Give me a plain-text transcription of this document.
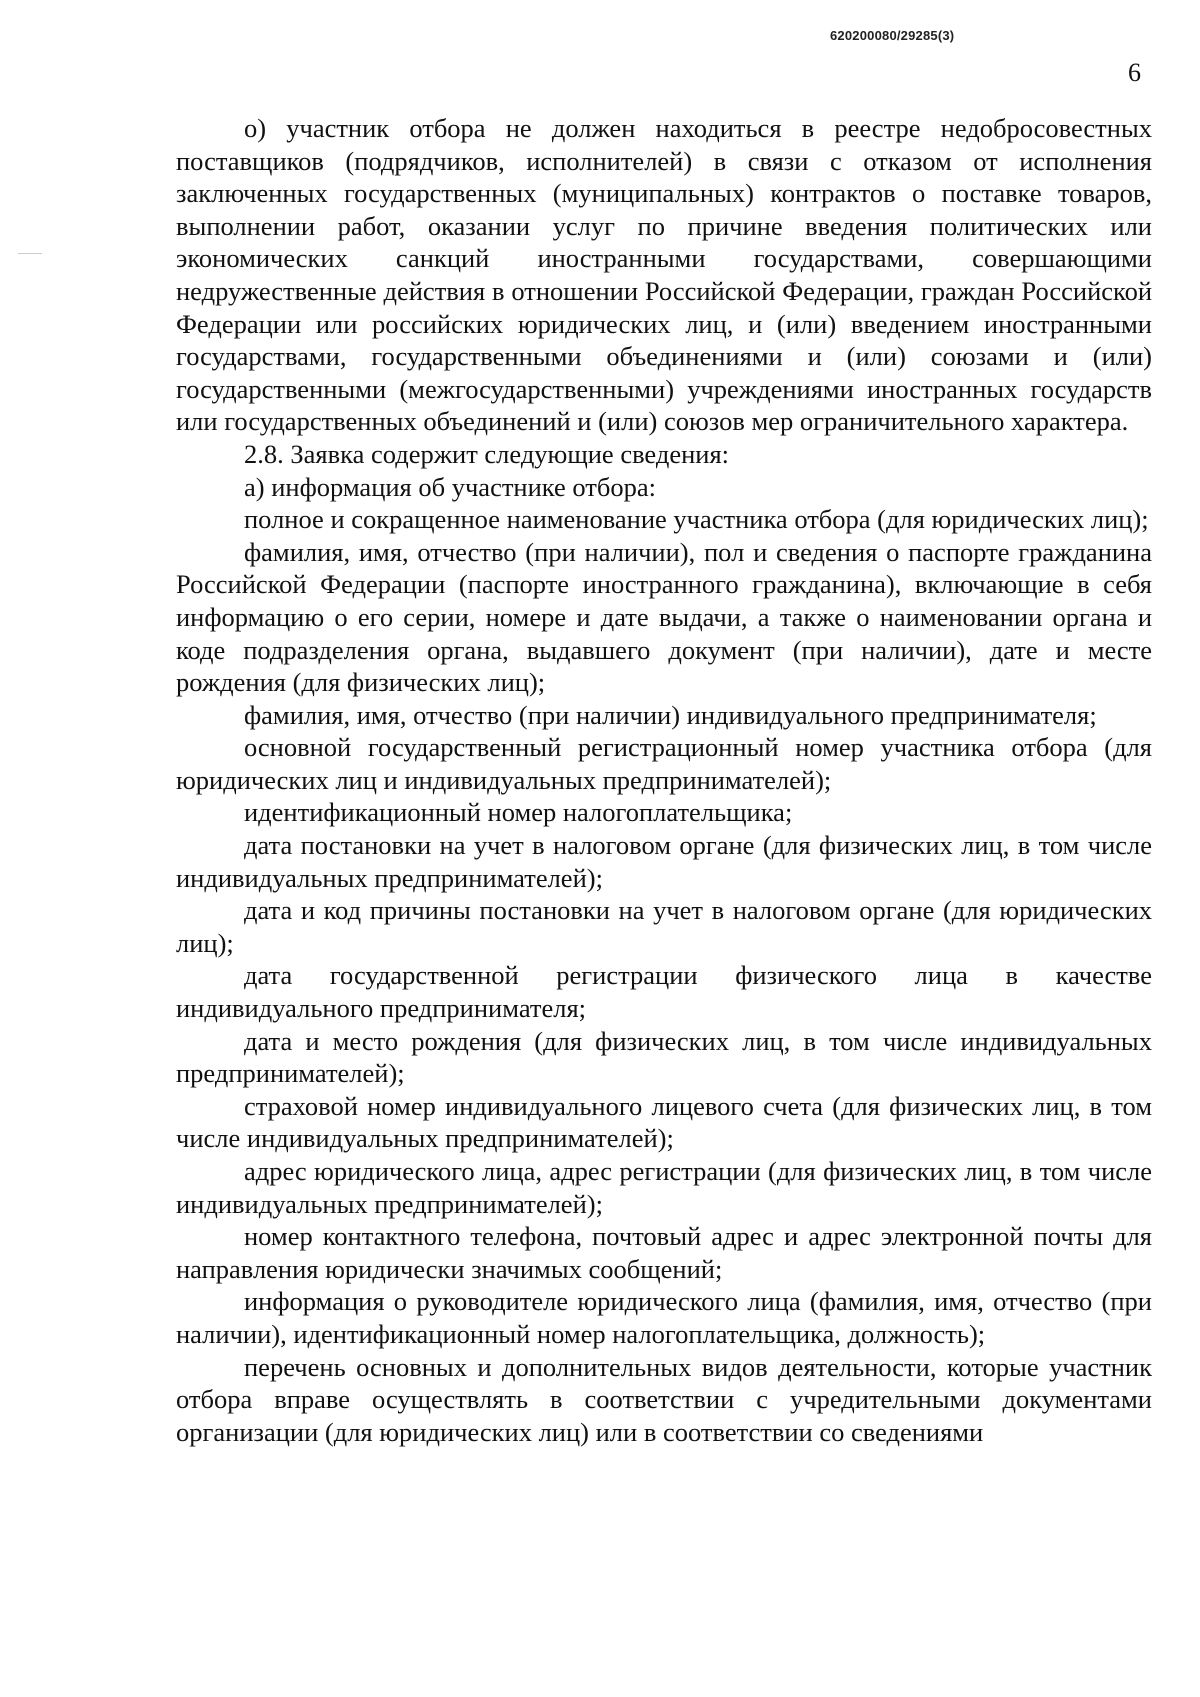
620200080/29285(3)
6

о) участник отбора не должен находиться в реестре недобросовестных поставщиков (подрядчиков, исполнителей) в связи с отказом от исполнения заключенных государственных (муниципальных) контрактов о поставке товаров, выполнении работ, оказании услуг по причине введения политических или экономических санкций иностранными государствами, совершающими недружественные действия в отношении Российской Федерации, граждан Российской Федерации или российских юридических лиц, и (или) введением иностранными государствами, государственными объединениями и (или) союзами и (или) государственными (межгосударственными) учреждениями иностранных государств или государственных объединений и (или) союзов мер ограничительного характера.

2.8. Заявка содержит следующие сведения:

а) информация об участнике отбора:

полное и сокращенное наименование участника отбора (для юридических лиц);

фамилия, имя, отчество (при наличии), пол и сведения о паспорте гражданина Российской Федерации (паспорте иностранного гражданина), включающие в себя информацию о его серии, номере и дате выдачи, а также о наименовании органа и коде подразделения органа, выдавшего документ (при наличии), дате и месте рождения (для физических лиц);

фамилия, имя, отчество (при наличии) индивидуального предпринимателя;

основной государственный регистрационный номер участника отбора (для юридических лиц и индивидуальных предпринимателей);

идентификационный номер налогоплательщика;

дата постановки на учет в налоговом органе (для физических лиц, в том числе индивидуальных предпринимателей);

дата и код причины постановки на учет в налоговом органе (для юридических лиц);

дата государственной регистрации физического лица в качестве индивидуального предпринимателя;

дата и место рождения (для физических лиц, в том числе индивидуальных предпринимателей);

страховой номер индивидуального лицевого счета (для физических лиц, в том числе индивидуальных предпринимателей);

адрес юридического лица, адрес регистрации (для физических лиц, в том числе индивидуальных предпринимателей);

номер контактного телефона, почтовый адрес и адрес электронной почты для направления юридически значимых сообщений;

информация о руководителе юридического лица (фамилия, имя, отчество (при наличии), идентификационный номер налогоплательщика, должность);

перечень основных и дополнительных видов деятельности, которые участник отбора вправе осуществлять в соответствии с учредительными документами организации (для юридических лиц) или в соответствии со сведениями
